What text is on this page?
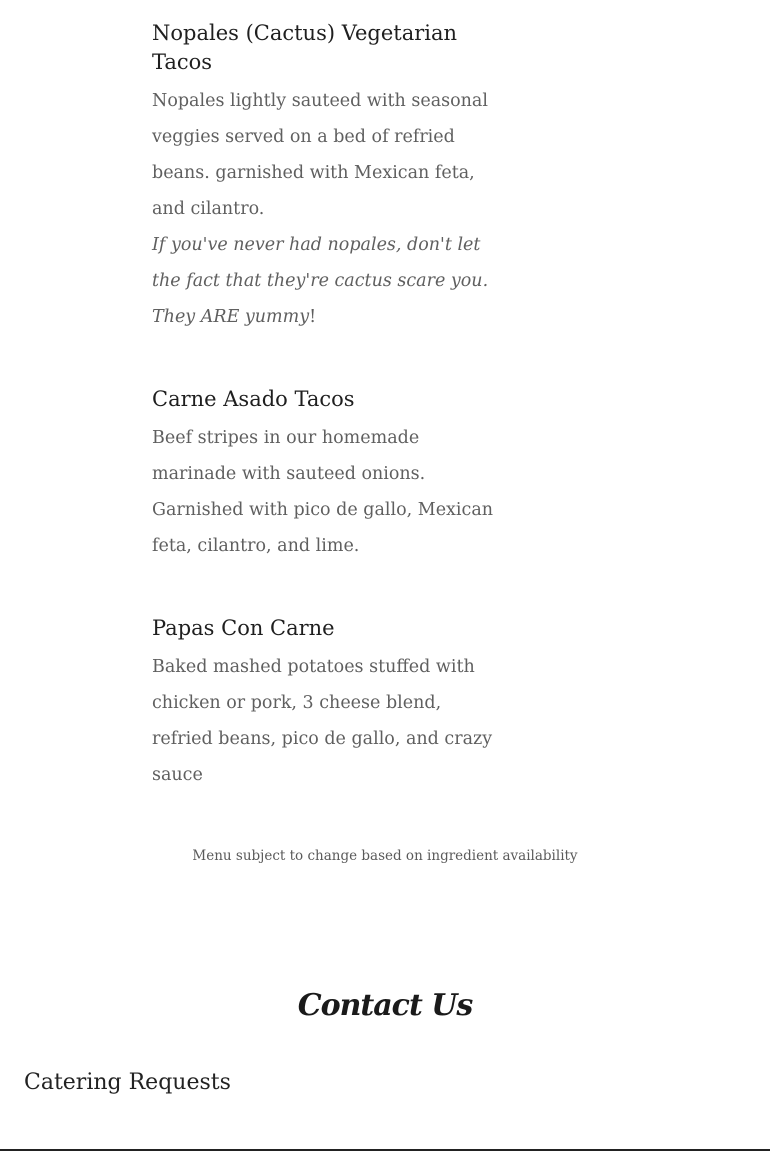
Nopales (Cactus) Vegetarian Tacos

Nopales lightly sauteed with seasonal veggies served on a bed of refried beans. garnished with Mexican feta, and cilantro.
If you've never had nopales, don't let the fact that they're cactus scare you. They ARE yummy!

Carne Asado Tacos

Beef stripes in our homemade marinade with sauteed onions. Garnished with pico de gallo, Mexican feta, cilantro, and lime.

Papas Con Carne

Baked mashed potatoes stuffed with chicken or pork, 3 cheese blend, refried beans, pico de gallo, and crazy sauce

Menu subject to change based on ingredient availability

Contact Us
Catering Requests
